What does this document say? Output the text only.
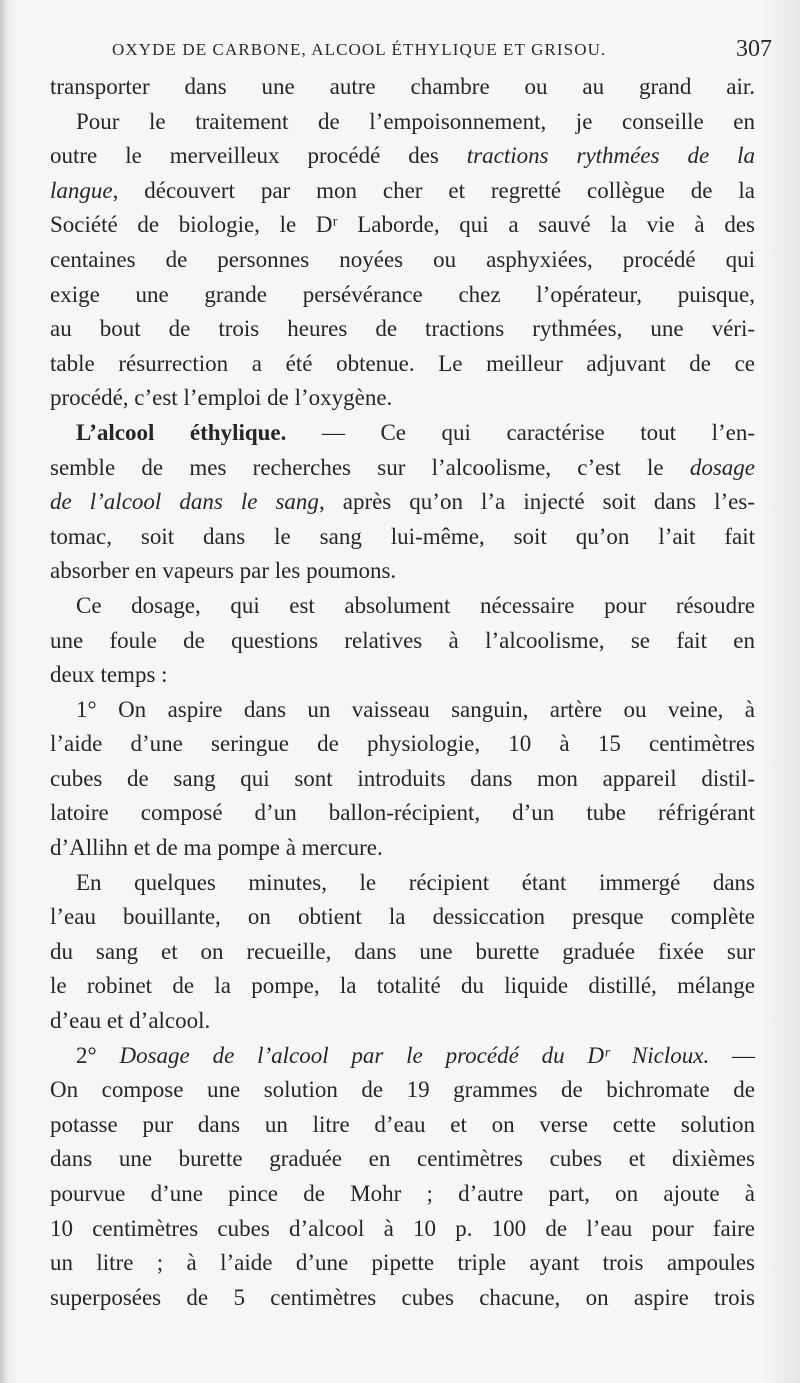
OXYDE DE CARBONE, ALCOOL ÉTHYLIQUE ET GRISOU.	307
transporter dans une autre chambre ou au grand air.
Pour le traitement de l’empoisonnement, je conseille en
outre le merveilleux procédé des tractions rythmées de la
langue, découvert par mon cher et regretté collègue de la
Société de biologie, le Dʳ Laborde, qui a sauvé la vie à des
centaines de personnes noyées ou asphyxiées, procédé qui
exige une grande persévérance chez l’opérateur, puisque,
au bout de trois heures de tractions rythmées, une véri-
table résurrection a été obtenue. Le meilleur adjuvant de ce
procédé, c’est l’emploi de l’oxygène.
L’alcool éthylique. — Ce qui caractérise tout l’en-
semble de mes recherches sur l’alcoolisme, c’est le dosage
de l’alcool dans le sang, après qu’on l’a injecté soit dans l’es-
tomac, soit dans le sang lui-même, soit qu’on l’ait fait
absorber en vapeurs par les poumons.
Ce dosage, qui est absolument nécessaire pour résoudre
une foule de questions relatives à l’alcoolisme, se fait en
deux temps :
1° On aspire dans un vaisseau sanguin, artère ou veine, à
l’aide d’une seringue de physiologie, 10 à 15 centimètres
cubes de sang qui sont introduits dans mon appareil distil-
latoire composé d’un ballon-récipient, d’un tube réfrigérant
d’Allihn et de ma pompe à mercure.
En quelques minutes, le récipient étant immergé dans
l’eau bouillante, on obtient la dessiccation presque complète
du sang et on recueille, dans une burette graduée fixée sur
le robinet de la pompe, la totalité du liquide distillé, mélange
d’eau et d’alcool.
2° Dosage de l’alcool par le procédé du Dʳ Nicloux. —
On compose une solution de 19 grammes de bichromate de
potasse pur dans un litre d’eau et on verse cette solution
dans une burette graduée en centimètres cubes et dixièmes
pourvue d’une pince de Mohr ; d’autre part, on ajoute à
10 centimètres cubes d’alcool à 10 p. 100 de l’eau pour faire
un litre ; à l’aide d’une pipette triple ayant trois ampoules
superposées de 5 centimètres cubes chacune, on aspire trois
